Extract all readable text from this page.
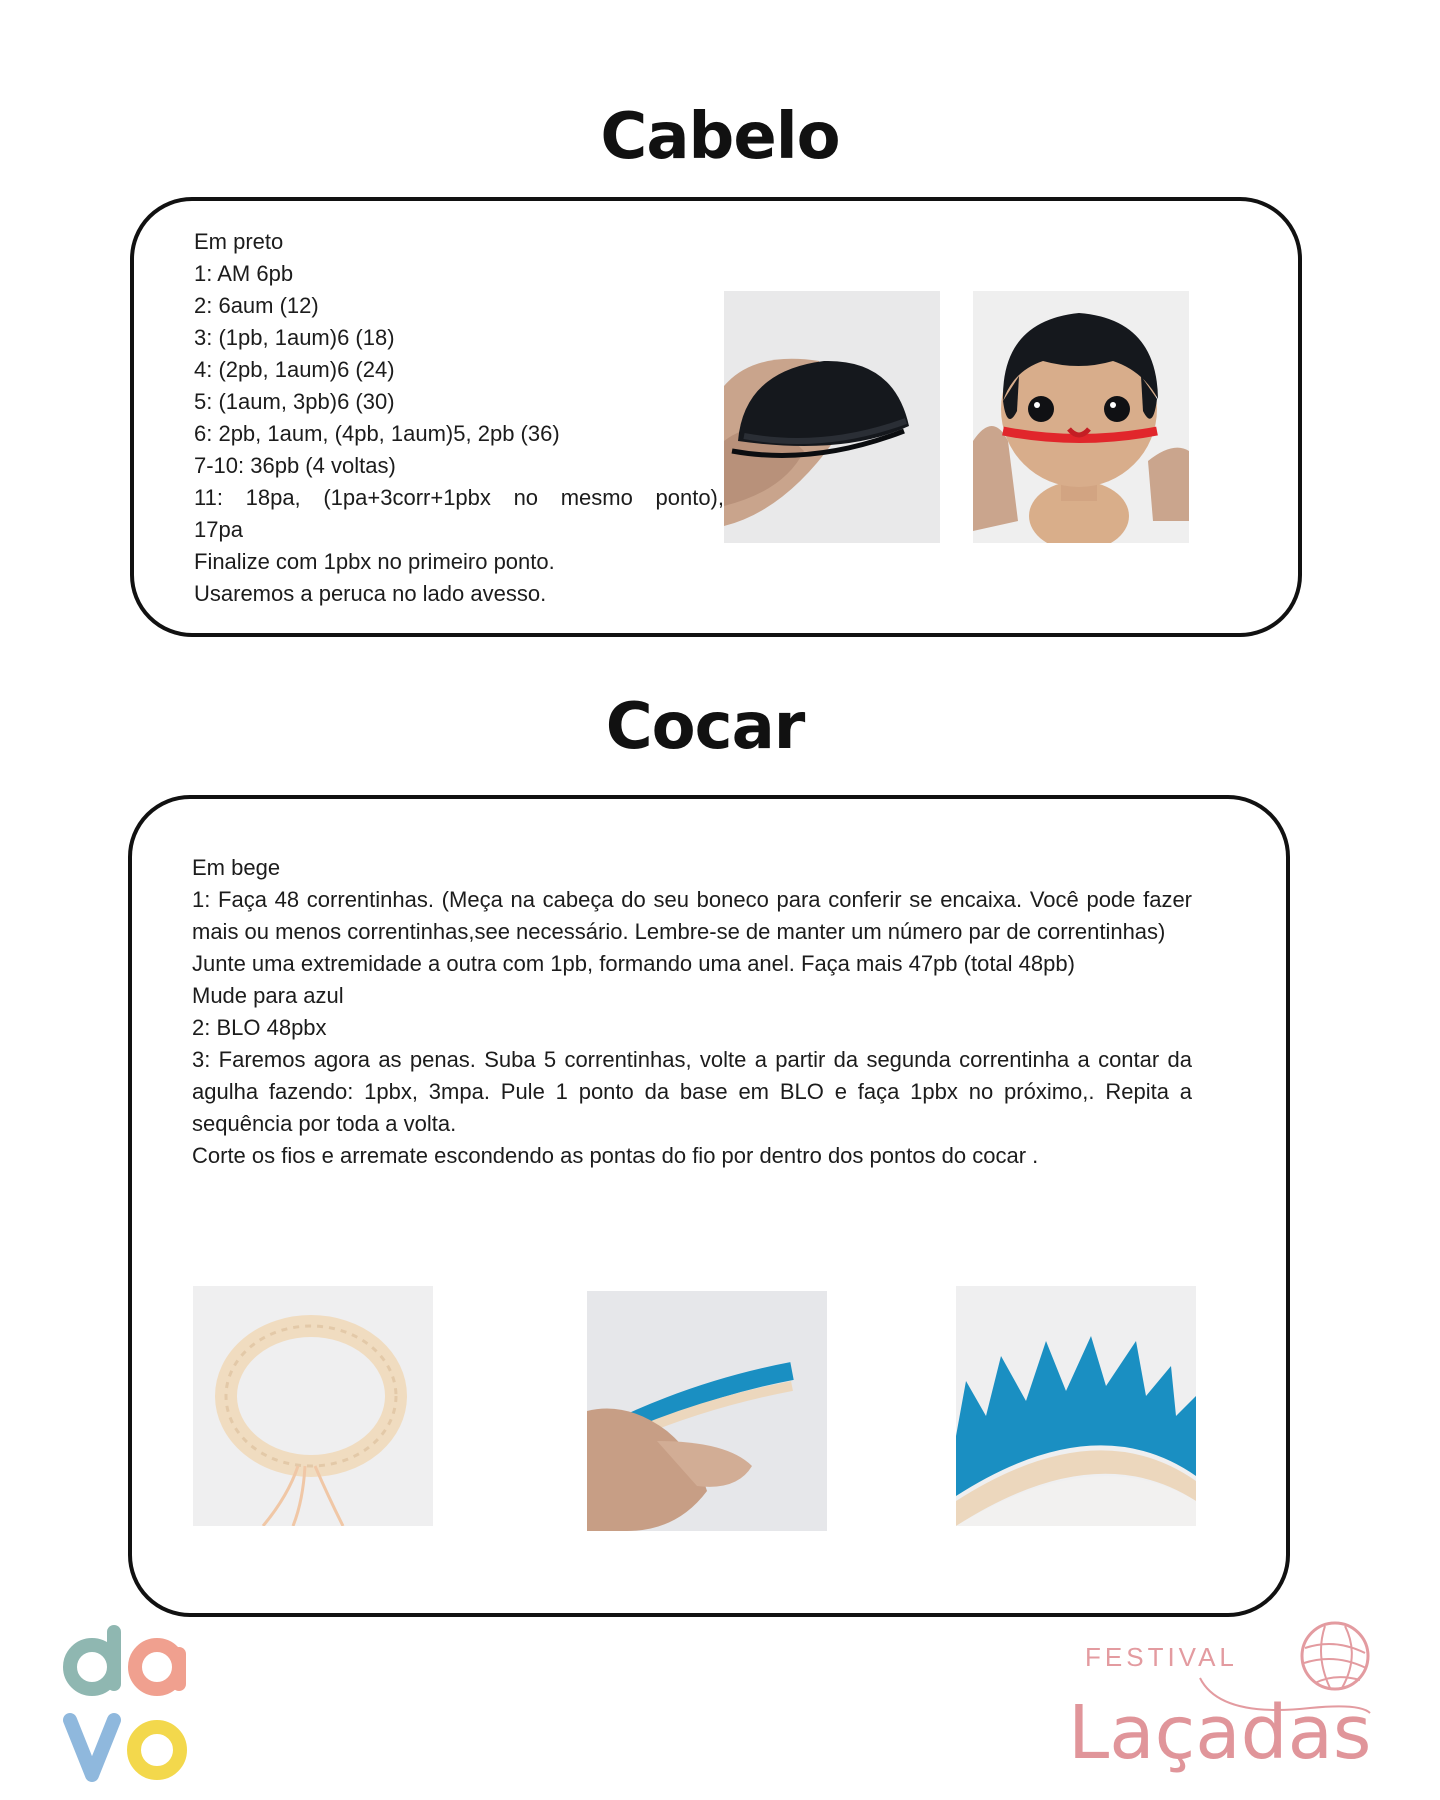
Cabelo

Em preto

1: AM 6pb

2: 6aum (12)

3: (1pb, 1aum)6 (18)

4: (2pb, 1aum)6 (24)

5: (1aum, 3pb)6 (30)

6: 2pb, 1aum, (4pb, 1aum)5, 2pb (36)

7-10: 36pb (4 voltas)

11: 18pa, (1pa+3corr+1pbx no mesmo ponto),

17pa

Finalize com 1pbx no primeiro ponto.

Usaremos a peruca no lado avesso.

Cocar

Em bege

1: Faça 48 correntinhas. (Meça na cabeça do seu boneco para conferir se encaixa. Você pode fazer mais ou menos correntinhas,see necessário. Lembre-se de manter um número par de correntinhas)

Junte uma extremidade a outra com 1pb, formando uma anel. Faça mais 47pb (total 48pb)

Mude para azul

2: BLO 48pbx

3: Faremos agora as penas. Suba 5 correntinhas, volte a partir da segunda correntinha a contar da agulha fazendo: 1pbx, 3mpa. Pule 1 ponto da base em BLO e faça 1pbx no próximo,. Repita a sequência por toda a volta.

Corte os fios e arremate escondendo as pontas do fio por dentro dos pontos do cocar .

FESTIVAL
Laçadas
